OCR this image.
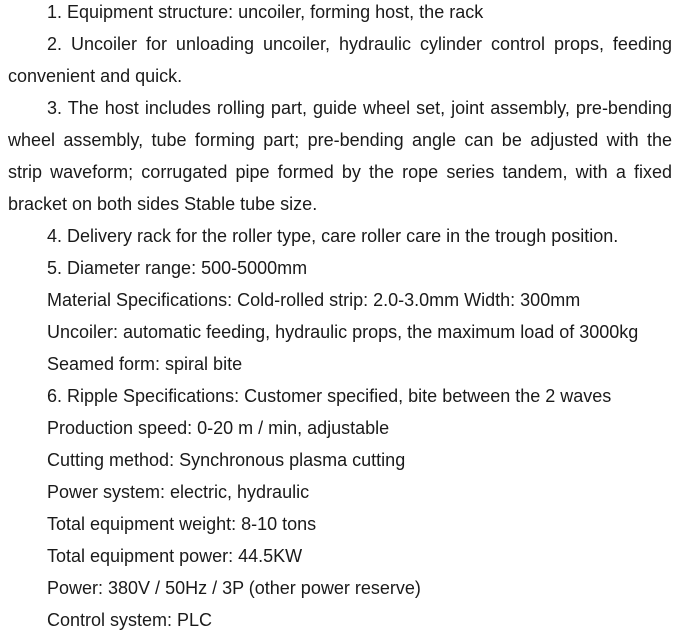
1. Equipment structure: uncoiler, forming host, the rack

2. Uncoiler for unloading uncoiler, hydraulic cylinder control props, feeding convenient and quick.

3. The host includes rolling part, guide wheel set, joint assembly, pre-bending wheel assembly, tube forming part; pre-bending angle can be adjusted with the strip waveform; corrugated pipe formed by the rope series tandem, with a fixed bracket on both sides Stable tube size.

4. Delivery rack for the roller type, care roller care in the trough position.

5. Diameter range: 500-5000mm

Material Specifications: Cold-rolled strip: 2.0-3.0mm Width: 300mm

Uncoiler: automatic feeding, hydraulic props, the maximum load of 3000kg

Seamed form: spiral bite

6. Ripple Specifications: Customer specified, bite between the 2 waves

Production speed: 0-20 m / min, adjustable

Cutting method: Synchronous plasma cutting

Power system: electric, hydraulic

Total equipment weight: 8-10 tons

Total equipment power: 44.5KW

Power: 380V / 50Hz / 3P (other power reserve)

Control system: PLC
